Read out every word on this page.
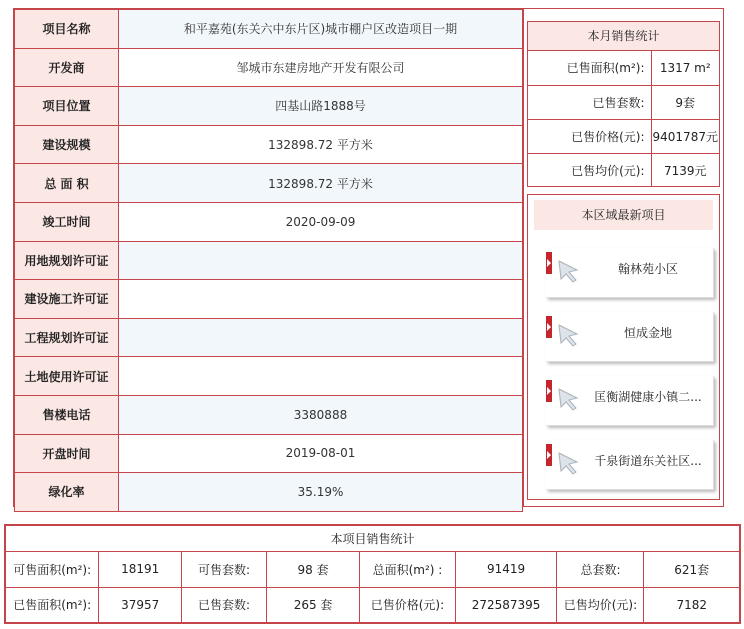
项目名称	和平嘉苑(东关六中东片区)城市棚户区改造项目一期
开发商	邹城市东建房地产开发有限公司
项目位置	四基山路1888号
建设规模	132898.72 平方米
总 面 积	132898.72 平方米
竣工时间	2020-09-09
用地规划许可证	
建设施工许可证	
工程规划许可证	
土地使用许可证	
售楼电话	3380888
开盘时间	2019-08-01
绿化率	35.19%
本月销售统计
已售面积(m²):	1317 m²
已售套数:	9套
已售价格(元):	9401787元
已售均价(元):	7139元
本区域最新项目
翰林苑小区
恒成金地
匡衡湖健康小镇二...
千泉街道东关社区...
本项目销售统计							
可售面积(m²):	18191	可售套数:	98 套	总面积(m²) :	91419	总套数:	621套
已售面积(m²):	37957	已售套数:	265 套	已售价格(元):	272587395	已售均价(元):	7182
